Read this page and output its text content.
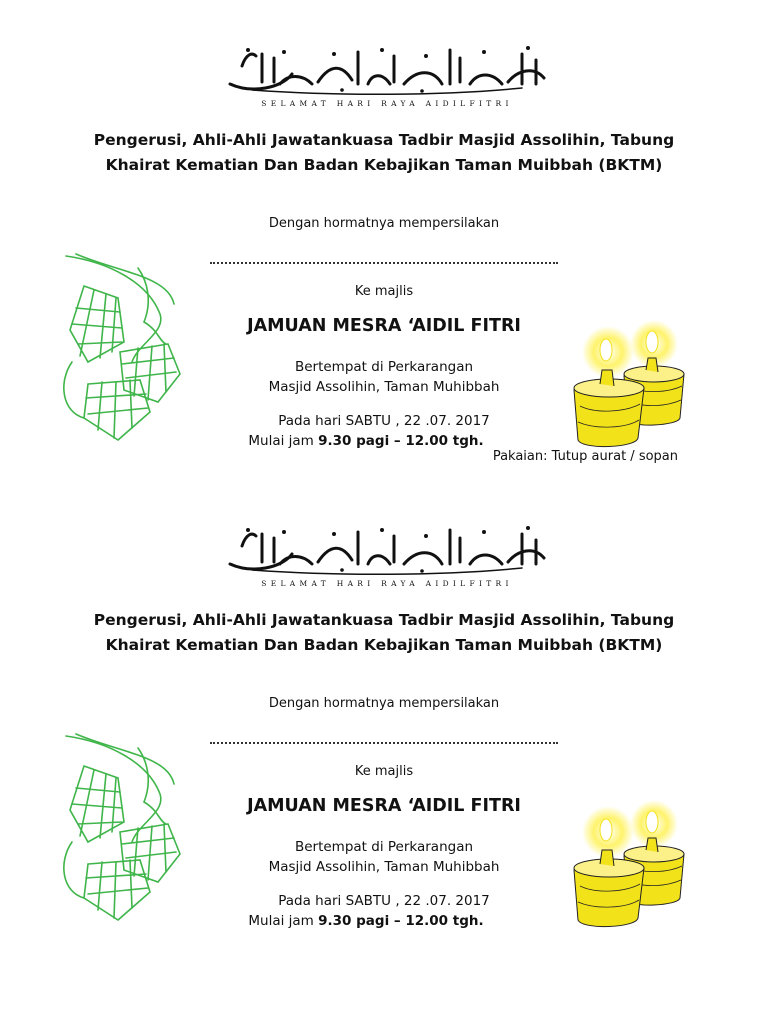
SELAMAT HARI RAYA AIDILFITRI
Pengerusi, Ahli-Ahli Jawatankuasa Tadbir Masjid Assolihin, Tabung Khairat Kematian Dan Badan Kebajikan Taman Muibbah (BKTM)
Dengan hormatnya mempersilakan
Ke majlis
JAMUAN MESRA ‘AIDIL FITRI
Bertempat di Perkarangan
Masjid Assolihin, Taman Muhibbah
Pada hari SABTU , 22 .07. 2017
Mulai jam 9.30 pagi – 12.00 tgh.
Pakaian: Tutup aurat / sopan
SELAMAT HARI RAYA AIDILFITRI
Pengerusi, Ahli-Ahli Jawatankuasa Tadbir Masjid Assolihin, Tabung Khairat Kematian Dan Badan Kebajikan Taman Muibbah (BKTM)
Dengan hormatnya mempersilakan
Ke majlis
JAMUAN MESRA ‘AIDIL FITRI
Bertempat di Perkarangan
Masjid Assolihin, Taman Muhibbah
Pada hari SABTU , 22 .07. 2017
Mulai jam 9.30 pagi – 12.00 tgh.
